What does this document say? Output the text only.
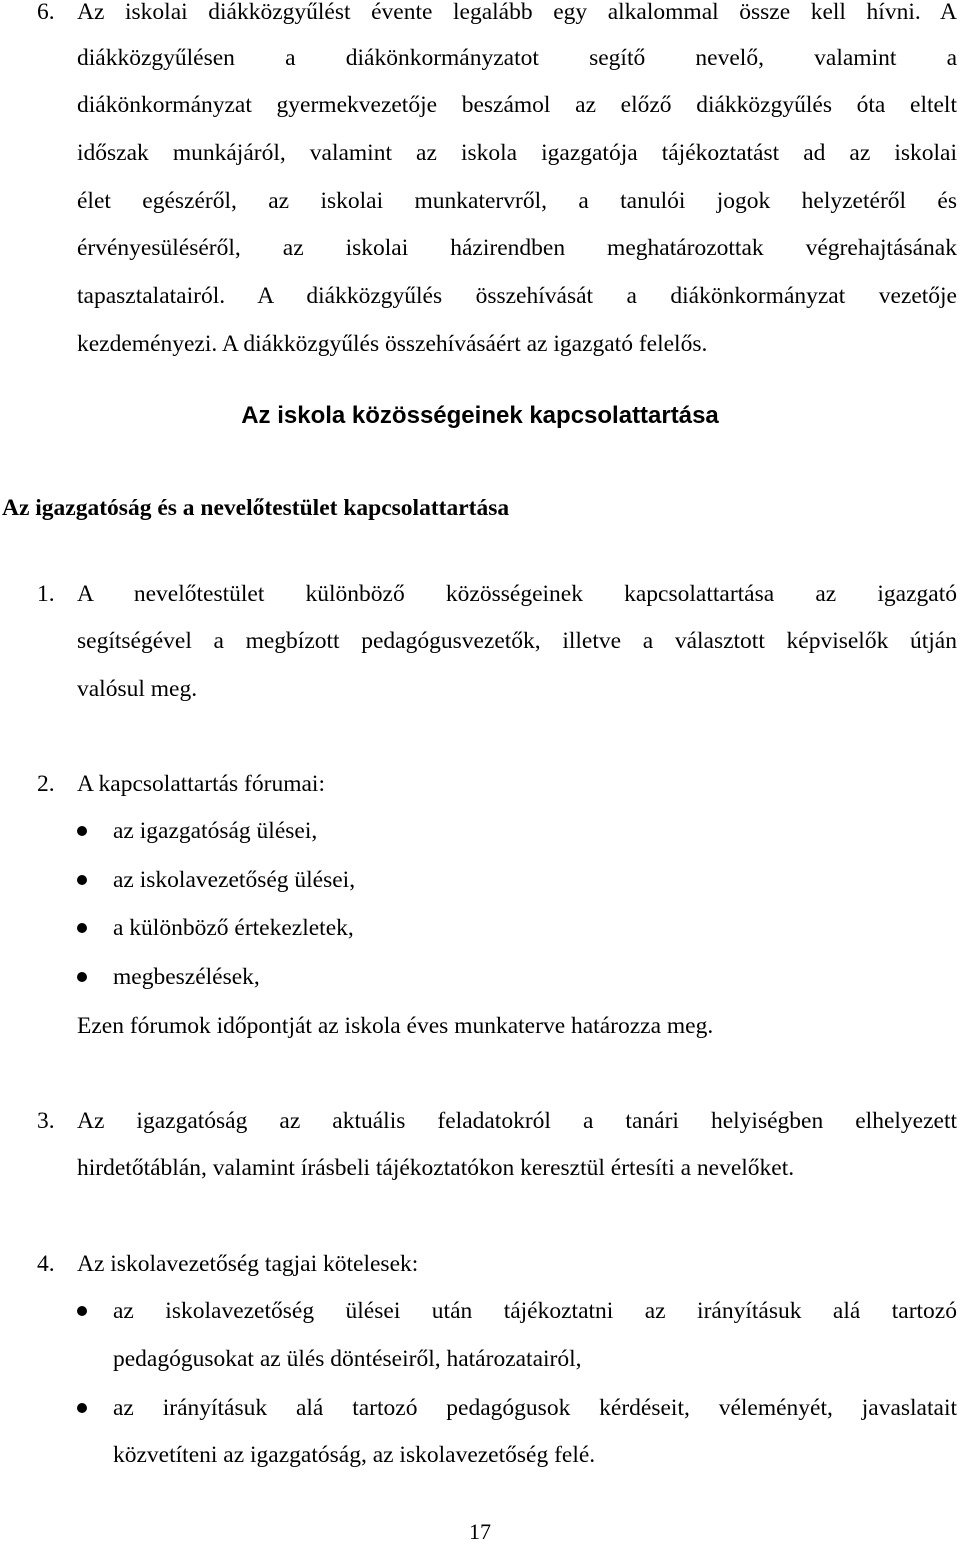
6. Az iskolai diákközgyűlést évente legalább egy alkalommal össze kell hívni. A
diákközgyűlésen a diákönkormányzatot segítő nevelő, valamint a
diákönkormányzat gyermekvezetője beszámol az előző diákközgyűlés óta eltelt
időszak munkájáról, valamint az iskola igazgatója tájékoztatást ad az iskolai
élet egészéről, az iskolai munkatervről, a tanulói jogok helyzetéről és
érvényesüléséről, az iskolai házirendben meghatározottak végrehajtásának
tapasztalatairól. A diákközgyűlés összehívását a diákönkormányzat vezetője
kezdeményezi. A diákközgyűlés összehívásáért az igazgató felelős.
Az iskola közösségeinek kapcsolattartása
Az igazgatóság és a nevelőtestület kapcsolattartása
1. A nevelőtestület különböző közösségeinek kapcsolattartása az igazgató
segítségével a megbízott pedagógusvezetők, illetve a választott képviselők útján
valósul meg.
2. A kapcsolattartás fórumai:
az igazgatóság ülései,
az iskolavezetőség ülései,
a különböző értekezletek,
megbeszélések,
Ezen fórumok időpontját az iskola éves munkaterve határozza meg.
3. Az igazgatóság az aktuális feladatokról a tanári helyiségben elhelyezett
hirdetőtáblán, valamint írásbeli tájékoztatókon keresztül értesíti a nevelőket.
4. Az iskolavezetőség tagjai kötelesek:
az iskolavezetőség ülései után tájékoztatni az irányításuk alá tartozó
pedagógusokat az ülés döntéseiről, határozatairól,
az irányításuk alá tartozó pedagógusok kérdéseit, véleményét, javaslatait
közvetíteni az igazgatóság, az iskolavezetőség felé.
17
